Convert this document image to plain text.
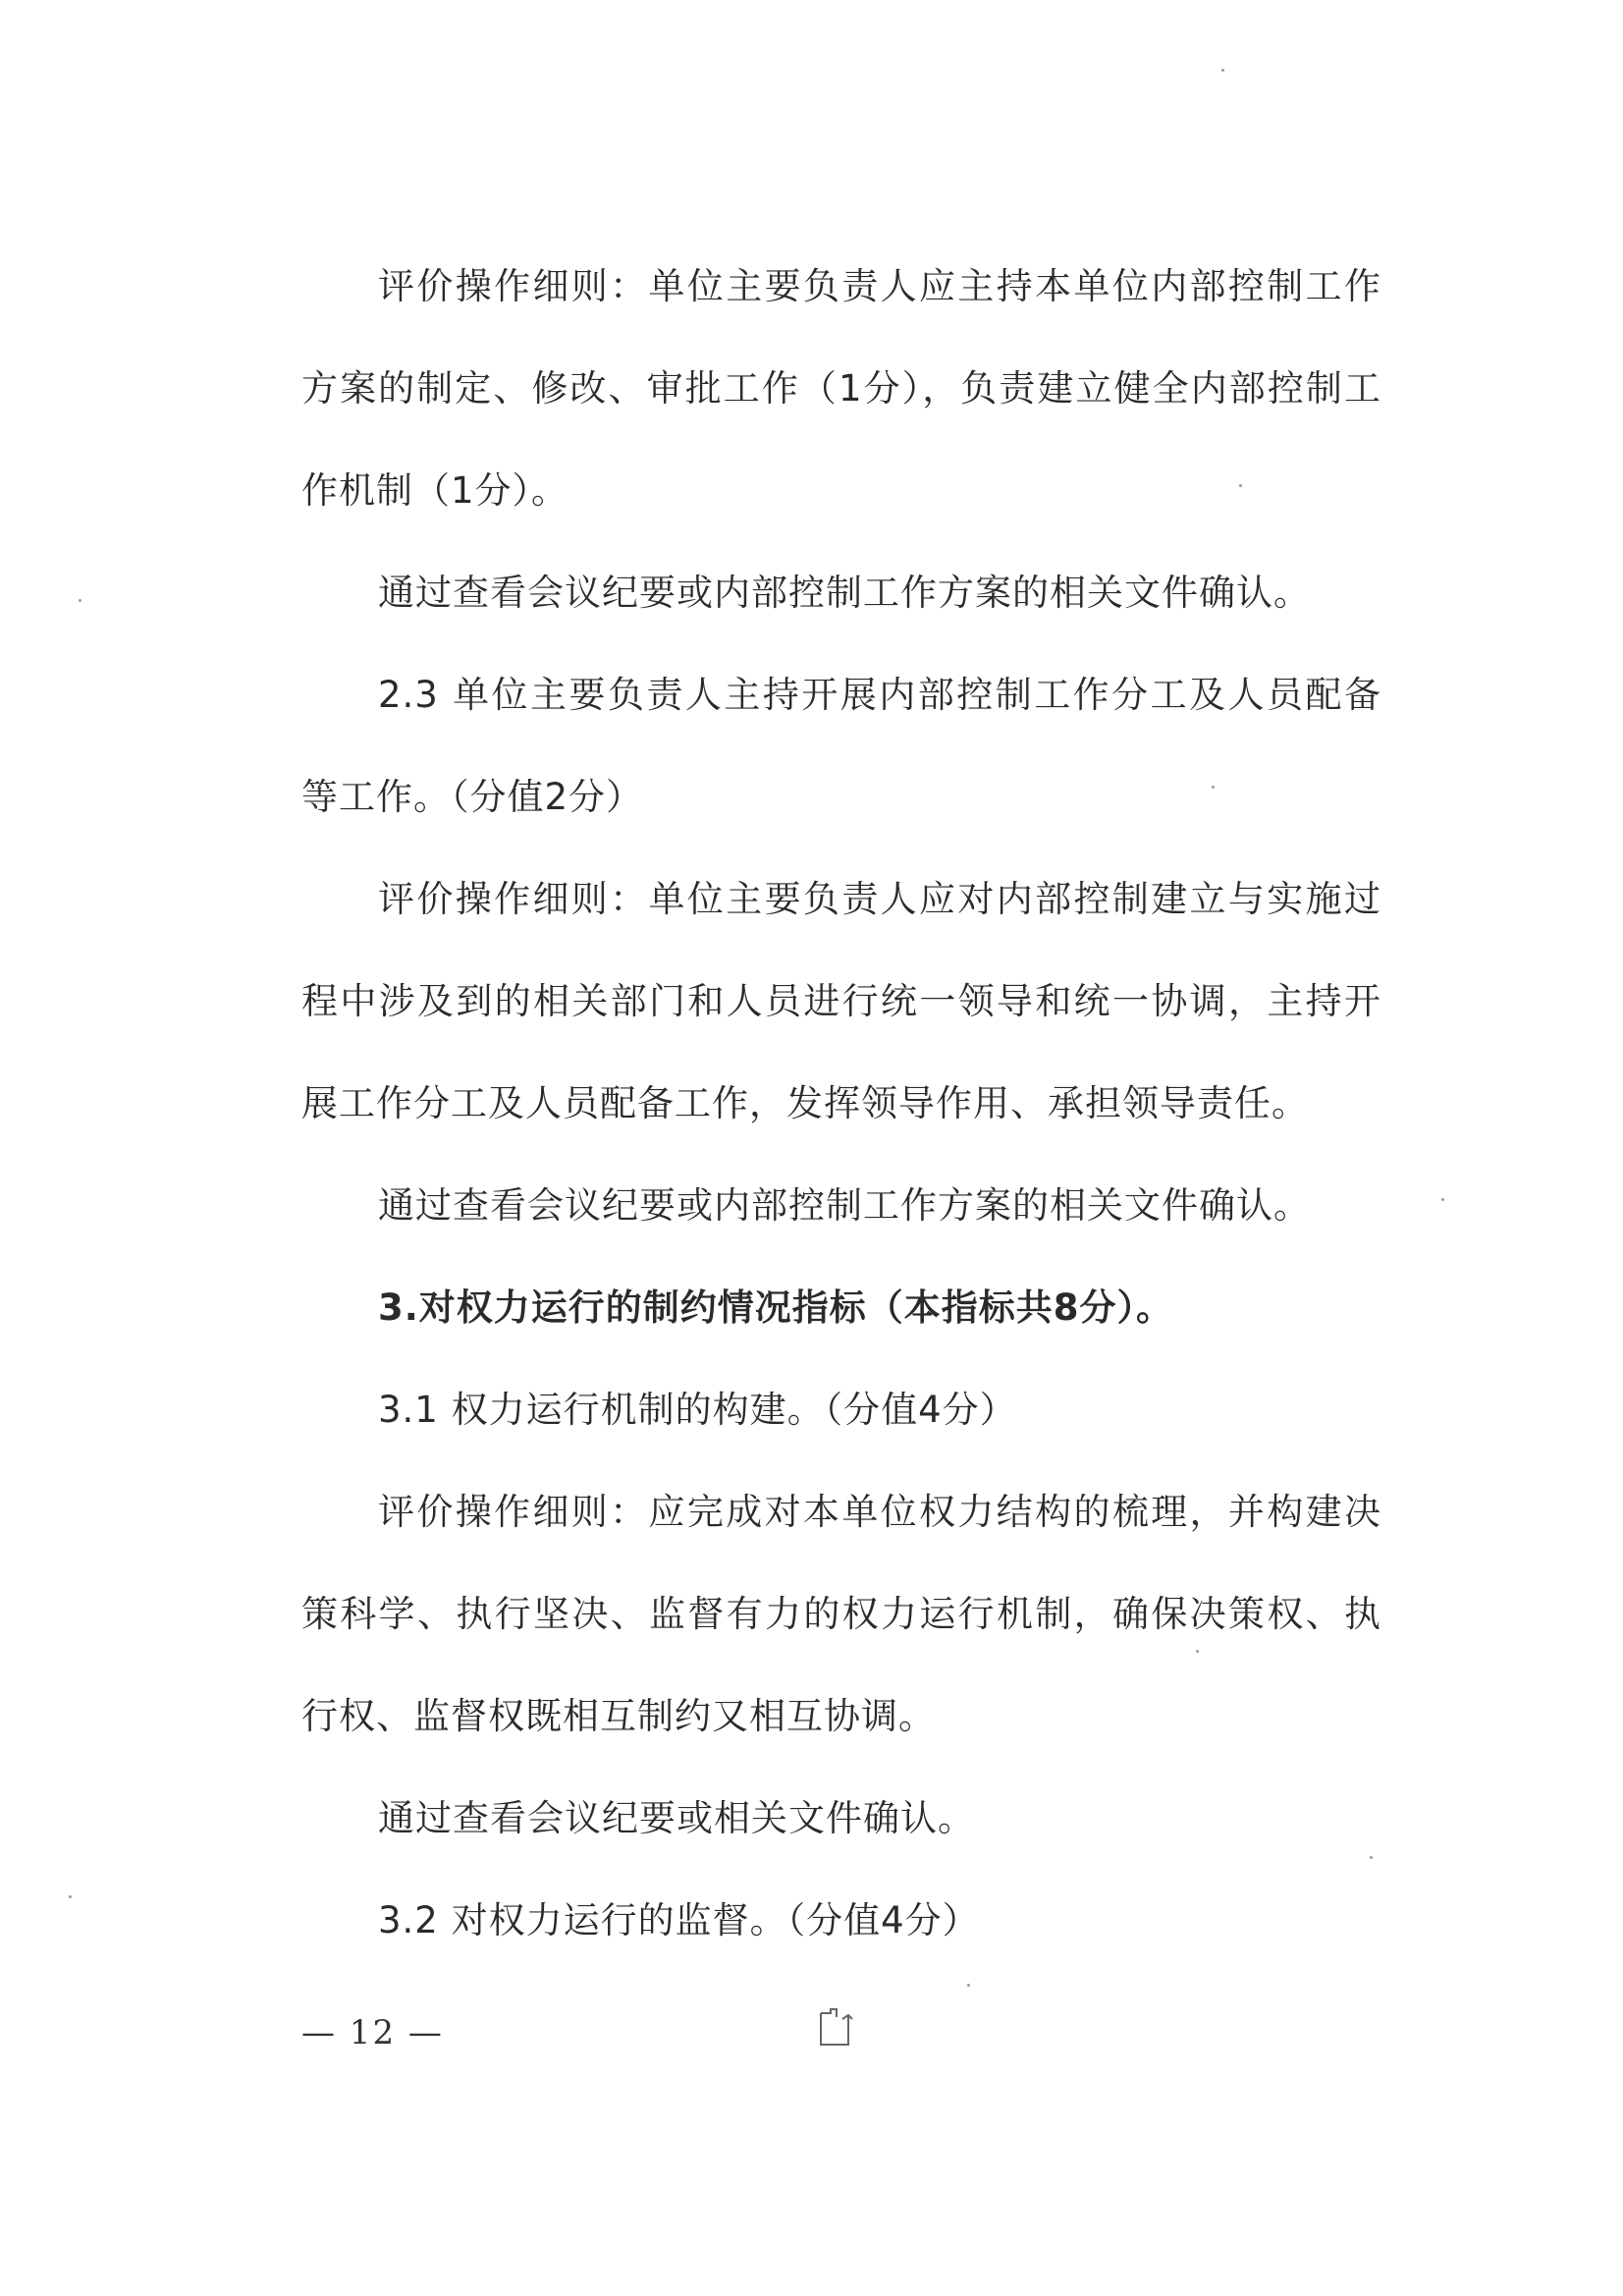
评价操作细则：单位主要负责人应主持本单位内部控制工作方案的制定、修改、审批工作（1分），负责建立健全内部控制工作机制（1分）。

通过查看会议纪要或内部控制工作方案的相关文件确认。

2.3 单位主要负责人主持开展内部控制工作分工及人员配备等工作。（分值2分）

评价操作细则：单位主要负责人应对内部控制建立与实施过程中涉及到的相关部门和人员进行统一领导和统一协调，主持开展工作分工及人员配备工作，发挥领导作用、承担领导责任。

通过查看会议纪要或内部控制工作方案的相关文件确认。

3.对权力运行的制约情况指标（本指标共8分）。

3.1 权力运行机制的构建。（分值4分）

评价操作细则：应完成对本单位权力结构的梳理，并构建决策科学、执行坚决、监督有力的权力运行机制，确保决策权、执行权、监督权既相互制约又相互协调。

通过查看会议纪要或相关文件确认。

3.2 对权力运行的监督。（分值4分）

— 12 —
